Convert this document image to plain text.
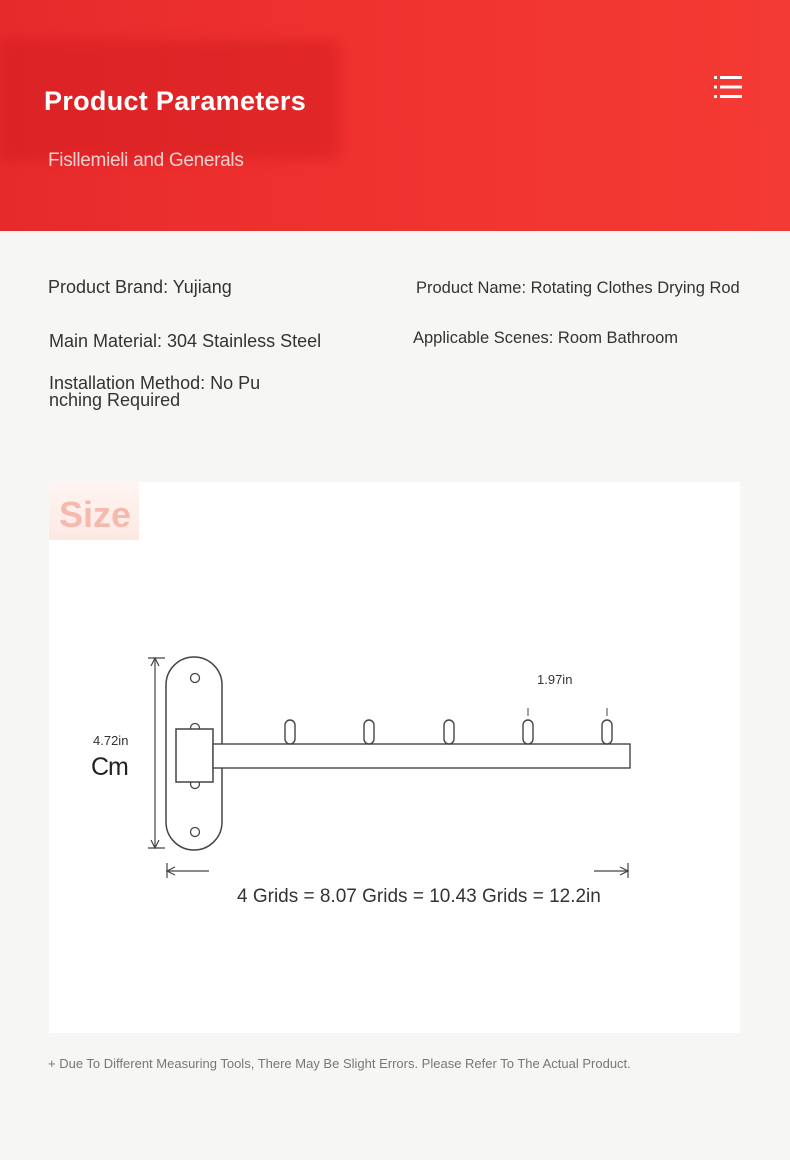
Product Parameters
Fisllemieli and Generals
Product Brand: Yujiang	Product Name: Rotating Clothes Drying Rod
Main Material: 304 Stainless Steel	Applicable Scenes: Room Bathroom
Installation Method: No Pu nching Required
Size
4.72in
Cm
1.97in
4 Grids = 8.07 Grids = 10.43 Grids = 12.2in
+ Due To Different Measuring Tools, There May Be Slight Errors. Please Refer To The Actual Product.
